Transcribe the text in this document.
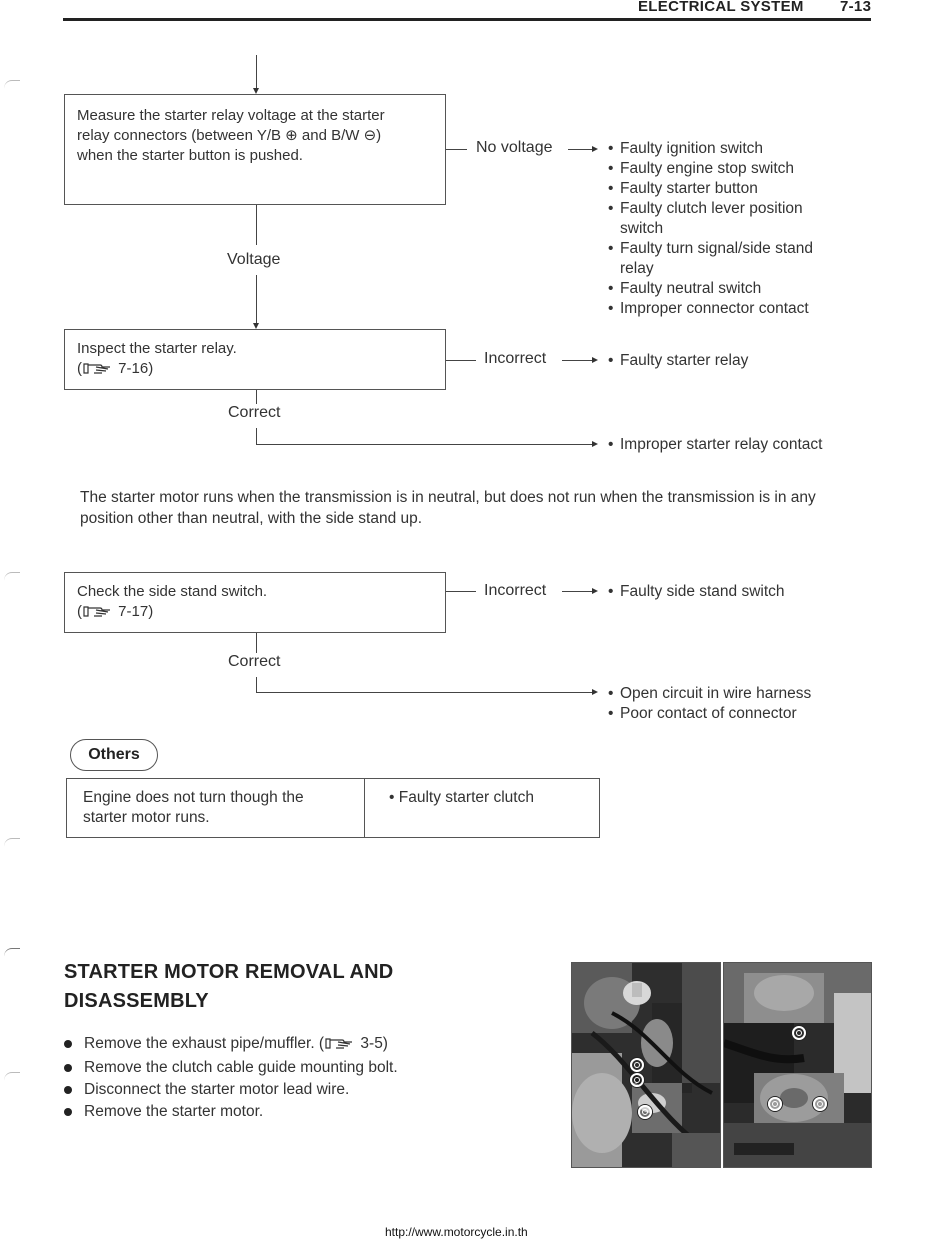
ELECTRICAL SYSTEM 7-13
Measure the starter relay voltage at the starter relay connectors (between Y/B ⊕ and B/W ⊖) when the starter button is pushed.	No voltage	• Faulty ignition switch
• Faulty engine stop switch
• Faulty starter button
• Faulty clutch lever position switch
• Faulty turn signal/side stand relay
• Faulty neutral switch
• Improper connector contact
Voltage
Inspect the starter relay.
( 7-16)
Incorrect	• Faulty starter relay
Correct
• Improper starter relay contact
The starter motor runs when the transmission is in neutral, but does not run when the transmission is in any position other than neutral, with the side stand up.
Check the side stand switch.
( 7-17)
Incorrect	• Faulty side stand switch
Correct
• Open circuit in wire harness
• Poor contact of connector
Others
Engine does not turn though the starter motor runs.
• Faulty starter clutch
STARTER MOTOR REMOVAL AND
DISASSEMBLY
Remove the exhaust pipe/muffler. ( 3-5)
Remove the clutch cable guide mounting bolt.
Disconnect the starter motor lead wire.
Remove the starter motor.
http://www.motorcycle.in.th
